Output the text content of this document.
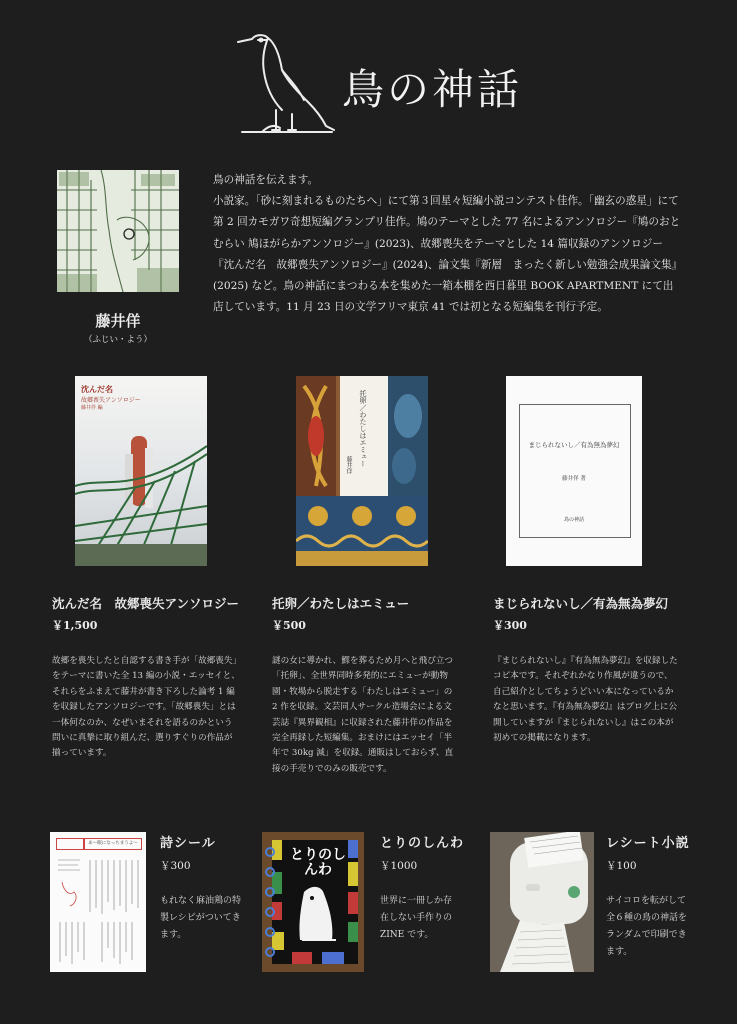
鳥の神話
藤井佯
（ふじい・よう）

鳥の神話を伝えます。
小説家。「砂に刻まれるものたちへ」にて第３回星々短編小説コンテスト佳作。「幽玄の惑星」にて第 2 回カモガワ奇想短編グランプリ佳作。鳩のテーマとした 77 名によるアンソロジー『鳩のおとむらい 鳩ほがらかアンソロジー』(2023)、故郷喪失をテーマとした 14 篇収録のアンソロジー『沈んだ名　故郷喪失アンソロジー』(2024)、論文集『新層　まったく新しい勉強会成果論文集』(2025) など。鳥の神話にまつわる本を集めた一箱本棚を西日暮里 BOOK APARTMENT にて出店しています。11 月 23 日の文学フリマ東京 41 では初となる短編集を刊行予定。

沈んだ名
故郷喪失アンソロジー
藤井佯 編
沈んだ名　故郷喪失アンソロジー
￥1,500
故郷を喪失したと自認する書き手が「故郷喪失」をテーマに書いた全 13 編の小説・エッセイと、それらをふまえて藤井が書き下ろした論考 1 編を収録したアンソロジーです。「故郷喪失」とは一体何なのか、なぜいまそれを語るのかという問いに真摯に取り組んだ、選りすぐりの作品が揃っています。
托卵／わたしはエミュー
藤井佯
托卵／わたしはエミュー
￥500
謎の女に導かれ、鰥を葬るため月へと飛び立つ「托卵」、全世界同時多発的にエミューが動物園・牧場から脱走する「わたしはエミュー」の 2 作を収録。文芸同人サークル造場会による文芸誌『異界観相』に収録された藤井佯の作品を完全再録した短編集。おまけにはエッセイ「半年で 30kg 減」を収録。通販はしておらず、直接の手売りでのみの販売です。
まじられないし／有為無為夢幻
藤井佯 著
鳥の神話
まじられないし／有為無為夢幻
￥300
『まじられないし』『有為無為夢幻』を収録したコピ本です。それぞれかなり作風が違うので、自己紹介としてちょうどいい本になっているかなと思います。『有為無為夢幻』はブログ上に公開していますが『まじられないし』はこの本が初めての掲載になります。
あ～眠になっちまうよ～	詩シール
￥300
もれなく麻油鶏の特製レシピがついてきます。
とりのしんわ
とりのしんわ
￥1000
世界に一冊しか存在しない手作りの ZINE です。
レシート小説
￥100
サイコロを転がして全６種の鳥の神話をランダムで印刷できます。
